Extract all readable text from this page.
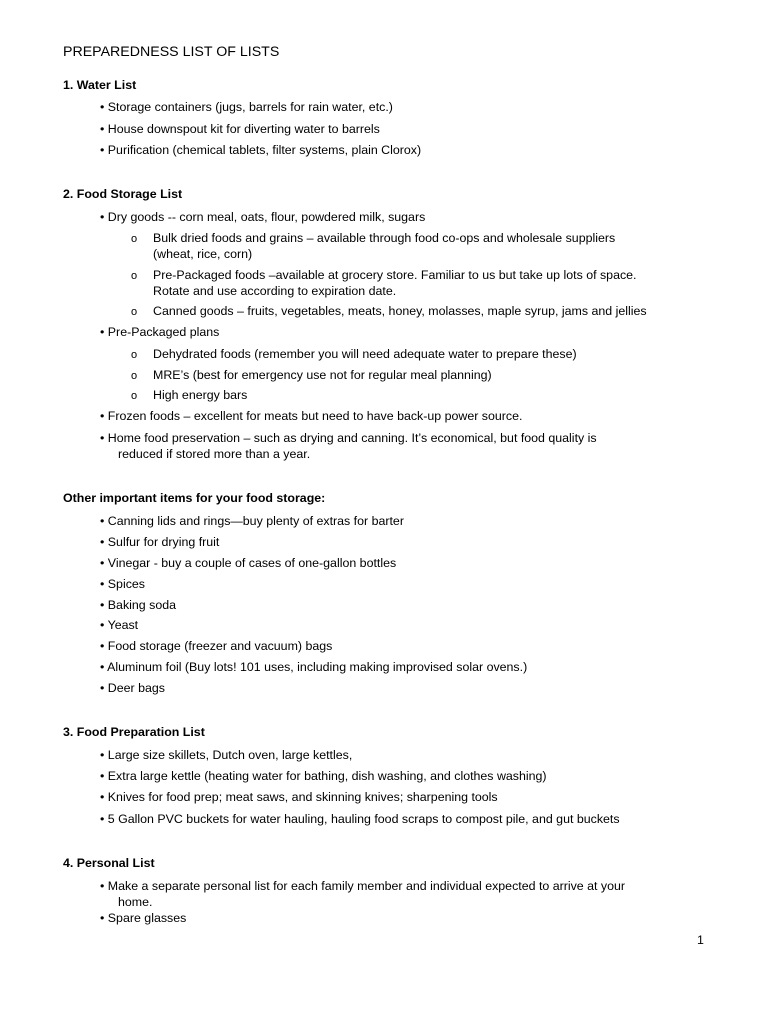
PREPAREDNESS LIST OF LISTS
1. Water List
• Storage containers (jugs, barrels for rain water, etc.)
• House downspout kit for diverting water to barrels
• Purification (chemical tablets, filter systems, plain Clorox)
2. Food Storage List
• Dry goods -- corn meal, oats, flour, powdered milk, sugars
o Bulk dried foods and grains – available through food co-ops and wholesale suppliers
(wheat, rice, corn)
o Pre-Packaged foods –available at grocery store. Familiar to us but take up lots of space.
Rotate and use according to expiration date.
o Canned goods – fruits, vegetables, meats, honey, molasses, maple syrup, jams and jellies
• Pre-Packaged plans
o Dehydrated foods (remember you will need adequate water to prepare these)
o MRE’s (best for emergency use not for regular meal planning)
o High energy bars
• Frozen foods – excellent for meats but need to have back-up power source.
• Home food preservation – such as drying and canning. It’s economical, but food quality is
reduced if stored more than a year.
Other important items for your food storage:
• Canning lids and rings—buy plenty of extras for barter
• Sulfur for drying fruit
• Vinegar - buy a couple of cases of one-gallon bottles
• Spices
• Baking soda
• Yeast
• Food storage (freezer and vacuum) bags
• Aluminum foil (Buy lots! 101 uses, including making improvised solar ovens.)
• Deer bags
3. Food Preparation List
• Large size skillets, Dutch oven, large kettles,
• Extra large kettle (heating water for bathing, dish washing, and clothes washing)
• Knives for food prep; meat saws, and skinning knives; sharpening tools
• 5 Gallon PVC buckets for water hauling, hauling food scraps to compost pile, and gut buckets
4. Personal List
• Make a separate personal list for each family member and individual expected to arrive at your
home.
• Spare glasses
1
